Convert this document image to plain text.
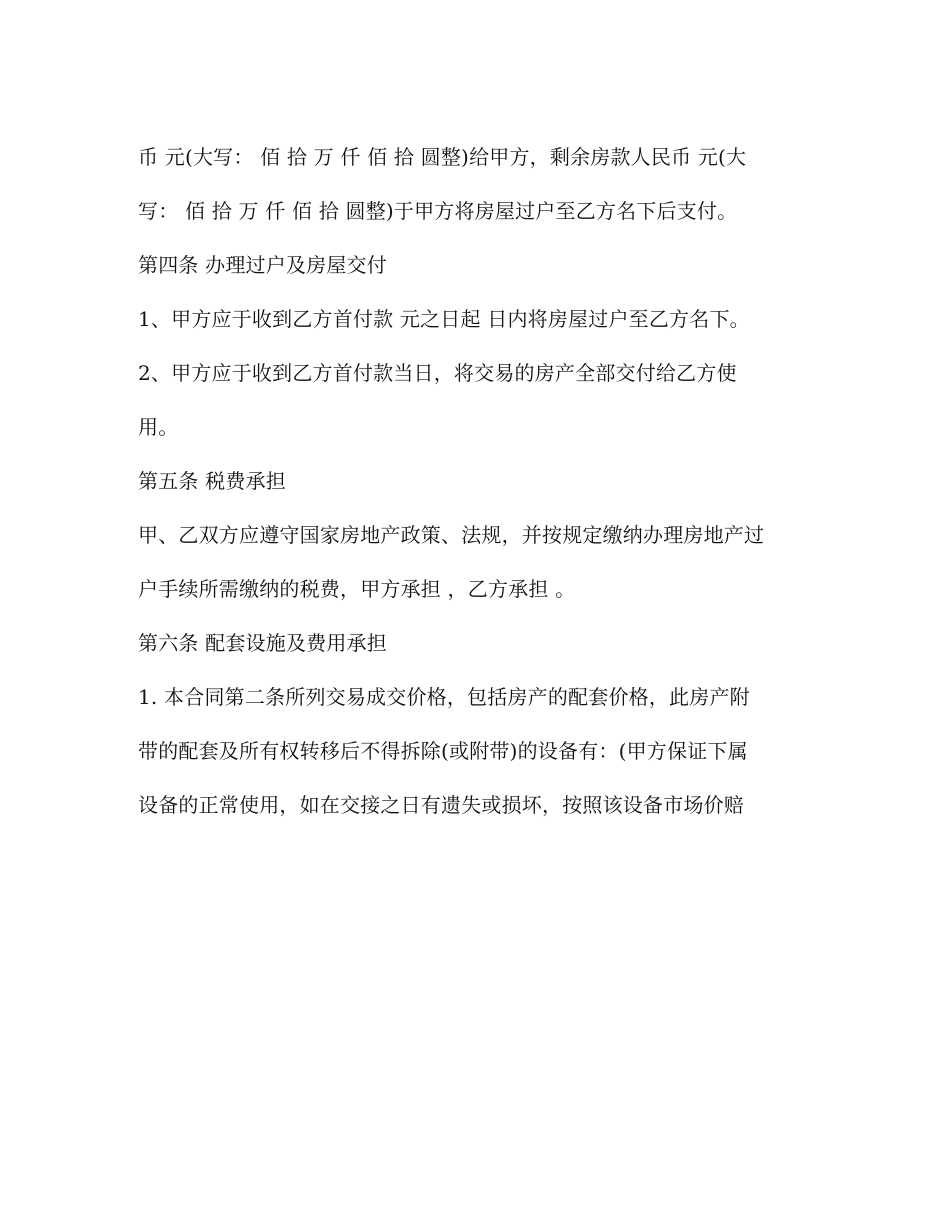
币 元(大写： 佰 拾 万 仟 佰 拾 圆整)给甲方，剩余房款人民币 元(大
写： 佰 拾 万 仟 佰 拾 圆整)于甲方将房屋过户至乙方名下后支付。
第四条 办理过户及房屋交付
1、甲方应于收到乙方首付款 元之日起 日内将房屋过户至乙方名下。
2、甲方应于收到乙方首付款当日，将交易的房产全部交付给乙方使
用。
第五条 税费承担
甲、乙双方应遵守国家房地产政策、法规，并按规定缴纳办理房地产过
户手续所需缴纳的税费，甲方承担 ，乙方承担 。
第六条 配套设施及费用承担
1. 本合同第二条所列交易成交价格，包括房产的配套价格，此房产附
带的配套及所有权转移后不得拆除(或附带)的设备有：(甲方保证下属
设备的正常使用，如在交接之日有遗失或损坏，按照该设备市场价赔
